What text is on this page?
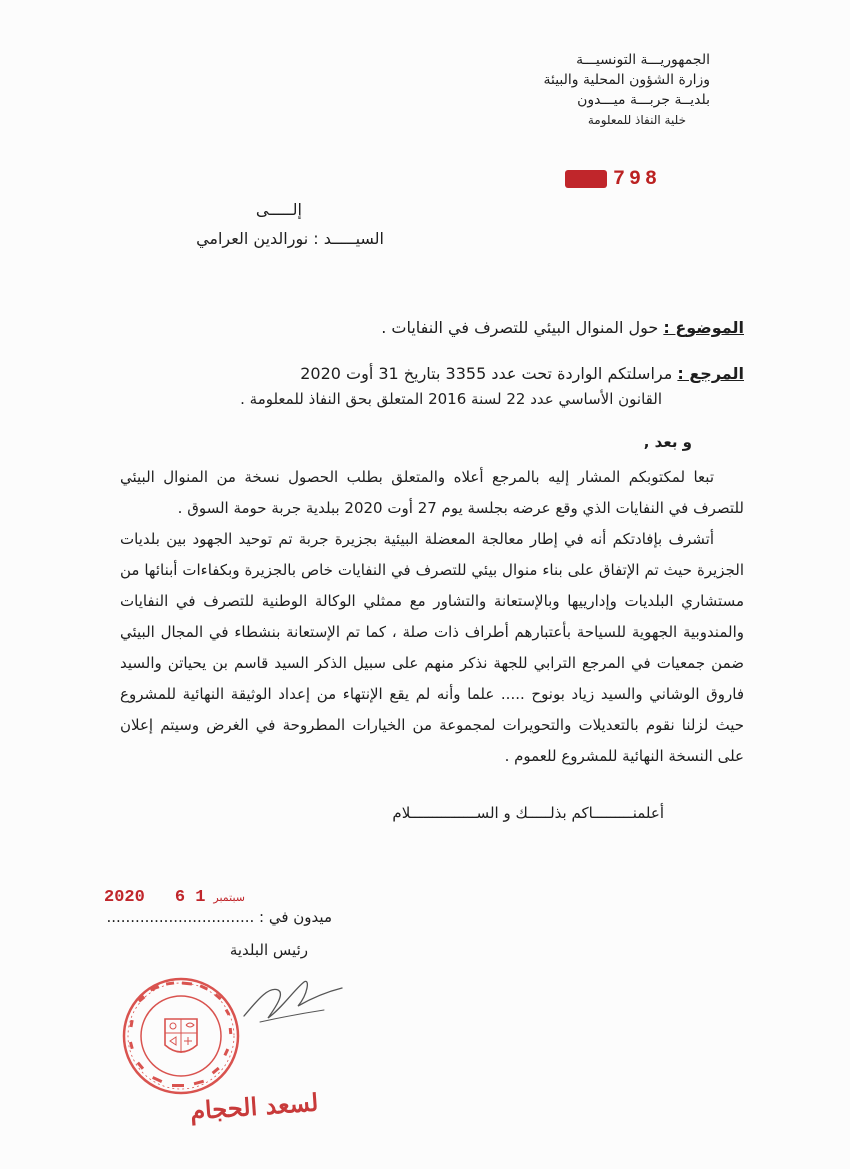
الجمهوريـــة التونسيـــة
وزارة الشؤون المحلية والبيئة
بلديــة جربـــة ميـــدون
خلية النفاذ للمعلومة
798
إلـــــى
السيـــــد : نورالدين العرامي
الموضوع : حول المنوال البيئي للتصرف في النفايات .
المرجع : مراسلتكم الواردة تحت عدد 3355 بتاريخ 31 أوت 2020
القانون الأساسي عدد 22 لسنة 2016 المتعلق بحق النفاذ للمعلومة .
و بعد ,

تبعا لمكتوبكم المشار إليه بالمرجع أعلاه والمتعلق بطلب الحصول نسخة من المنوال البيئي للتصرف في النفايات الذي وقع عرضه بجلسة يوم 27 أوت 2020 ببلدية جربة حومة السوق .

أتشرف بإفادتكم أنه في إطار معالجة المعضلة البيئية بجزيرة جربة تم توحيد الجهود بين بلديات الجزيرة حيث تم الإتفاق على بناء منوال بيئي للتصرف في النفايات خاص بالجزيرة وبكفاءات أبنائها من مستشاري البلديات وإدارييها وبالإستعانة والتشاور مع ممثلي الوكالة الوطنية للتصرف في النفايات والمندوبية الجهوية للسياحة بأعتبارهم أطراف ذات صلة ، كما تم الإستعانة بنشطاء في المجال البيئي ضمن جمعيات في المرجع الترابي للجهة نذكر منهم على سبيل الذكر السيد قاسم بن يحياتن والسيد فاروق الوشاني والسيد زياد بونوح ..... علما وأنه لم يقع الإنتهاء من إعداد الوثيقة النهائية للمشروع حيث لزلنا نقوم بالتعديلات والتحويرات لمجموعة من الخيارات المطروحة في الغرض وسيتم إعلان على النسخة النهائية للمشروع للعموم .

أعلمنـــــــــاكم بذلـــــك و الســـــــــــــــلام
2020	سبتمبر1 6
ميدون في : ...............................
رئيس البلدية
لسعد الحجام
